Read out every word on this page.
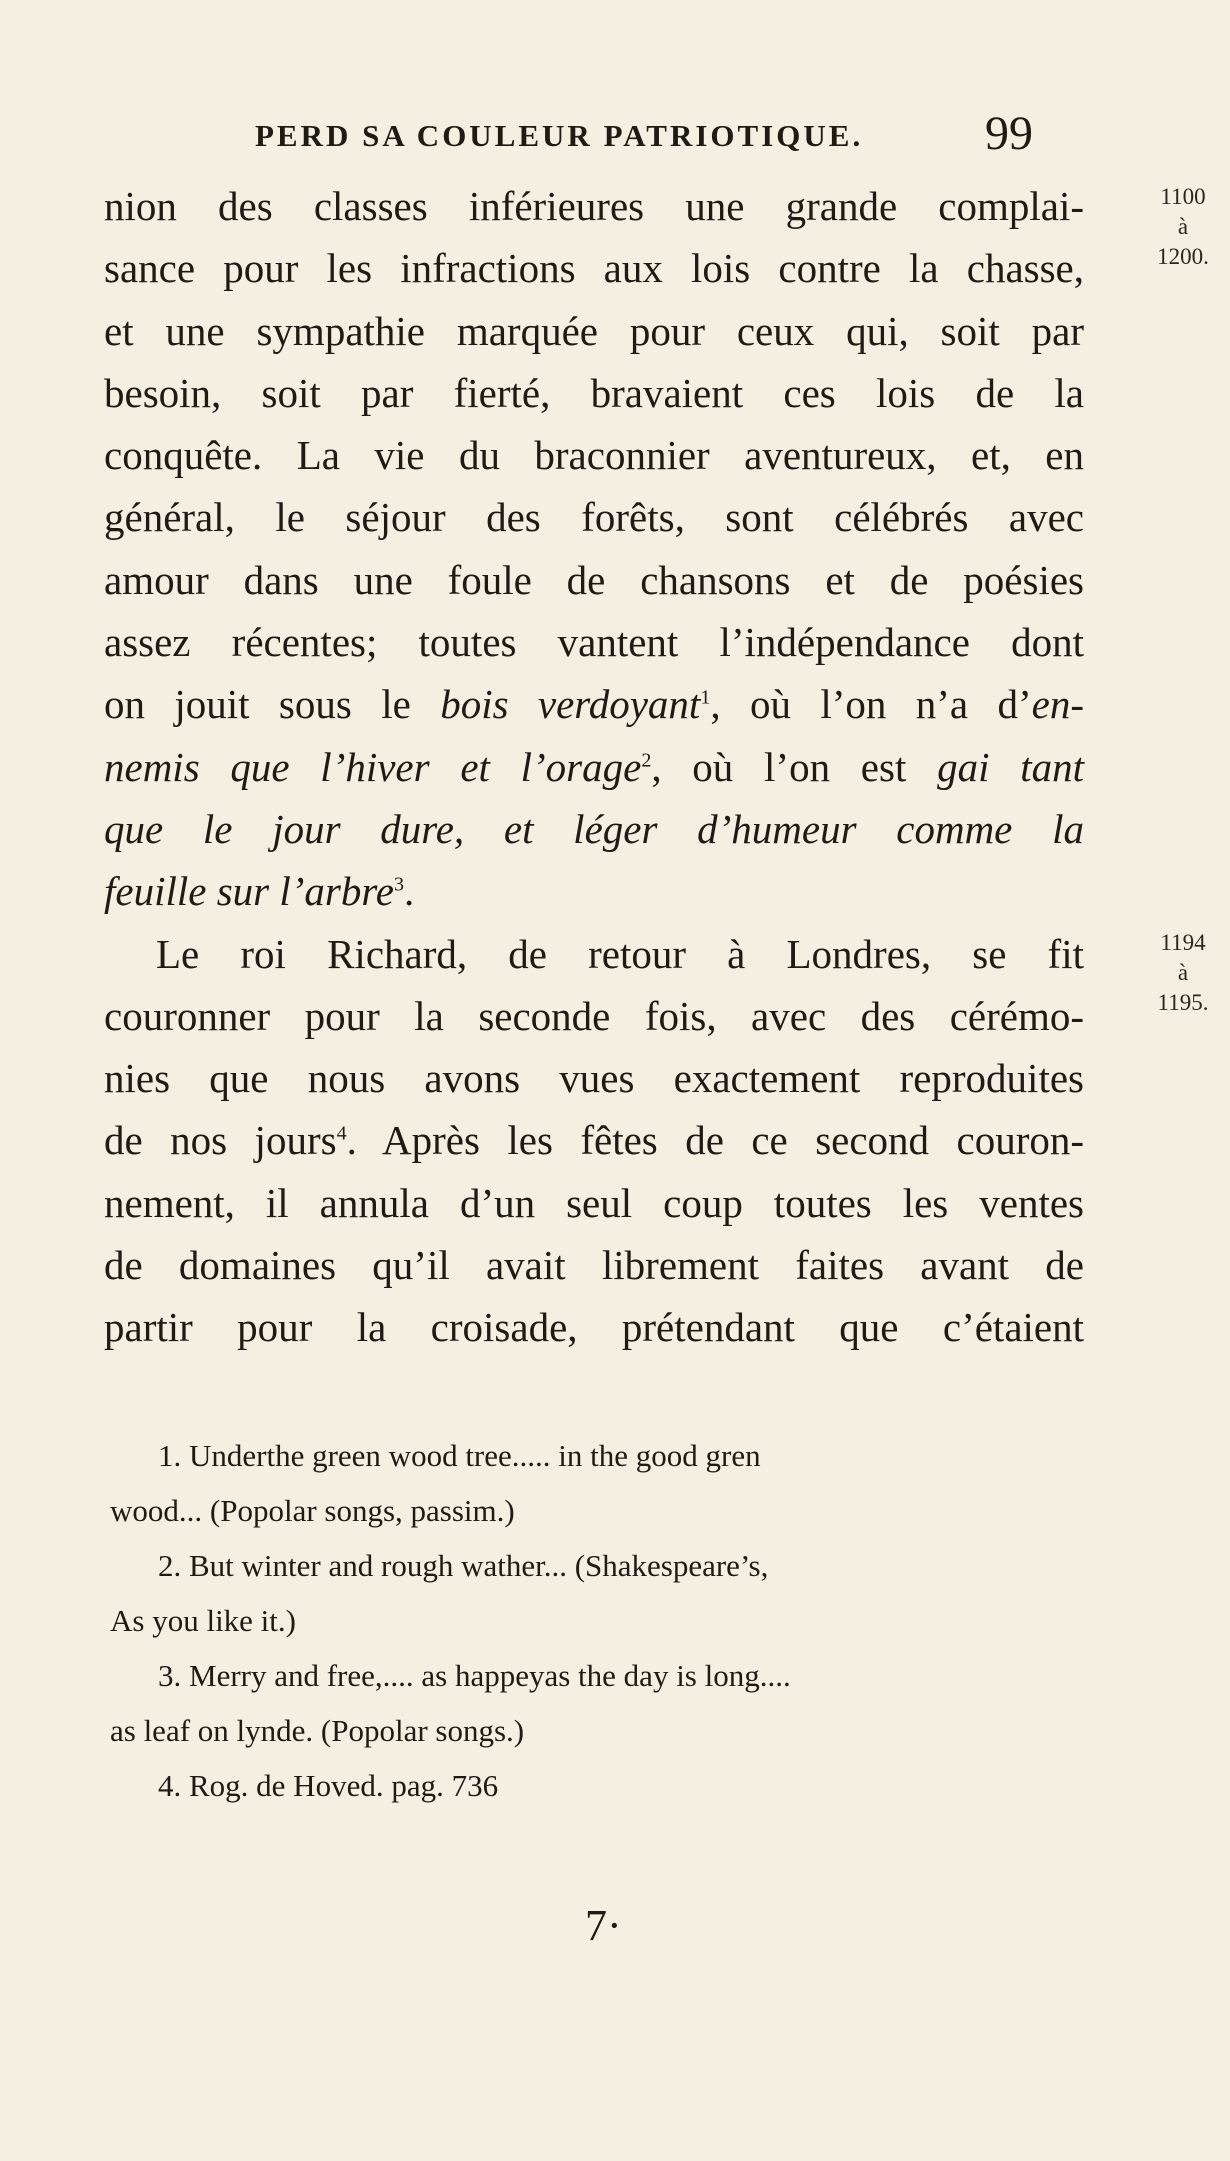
PERD SA COULEUR PATRIOTIQUE.	99
1100
à
1200.
1194
à
1195.
nion des classes inférieures une grande complai-
sance pour les infractions aux lois contre la chasse,
et une sympathie marquée pour ceux qui, soit par
besoin, soit par fierté, bravaient ces lois de la
conquête. La vie du braconnier aventureux, et, en
général, le séjour des forêts, sont célébrés avec
amour dans une foule de chansons et de poésies
assez récentes; toutes vantent l’indépendance dont
on jouit sous le bois verdoyant$^1$, où l’on n’a d’en-
nemis que l’hiver et l’orage$^2$, où l’on est gai tant
que le jour dure, et léger d’humeur comme la
feuille sur l’arbre$^3$.
Le roi Richard, de retour à Londres, se fit
couronner pour la seconde fois, avec des cérémo-
nies que nous avons vues exactement reproduites
de nos jours$^4$. Après les fêtes de ce second couron-
nement, il annula d’un seul coup toutes les ventes
de domaines qu’il avait librement faites avant de
partir pour la croisade, prétendant que c’étaient
1. Underthe green wood tree..... in the good gren
wood... (Popolar songs, passim.)
2. But winter and rough wather... (Shakespeare’s,
As you like it.)
3. Merry and free,.... as happeyas the day is long....
as leaf on lynde. (Popolar songs.)
4. Rog. de Hoved. pag. 736
7·
